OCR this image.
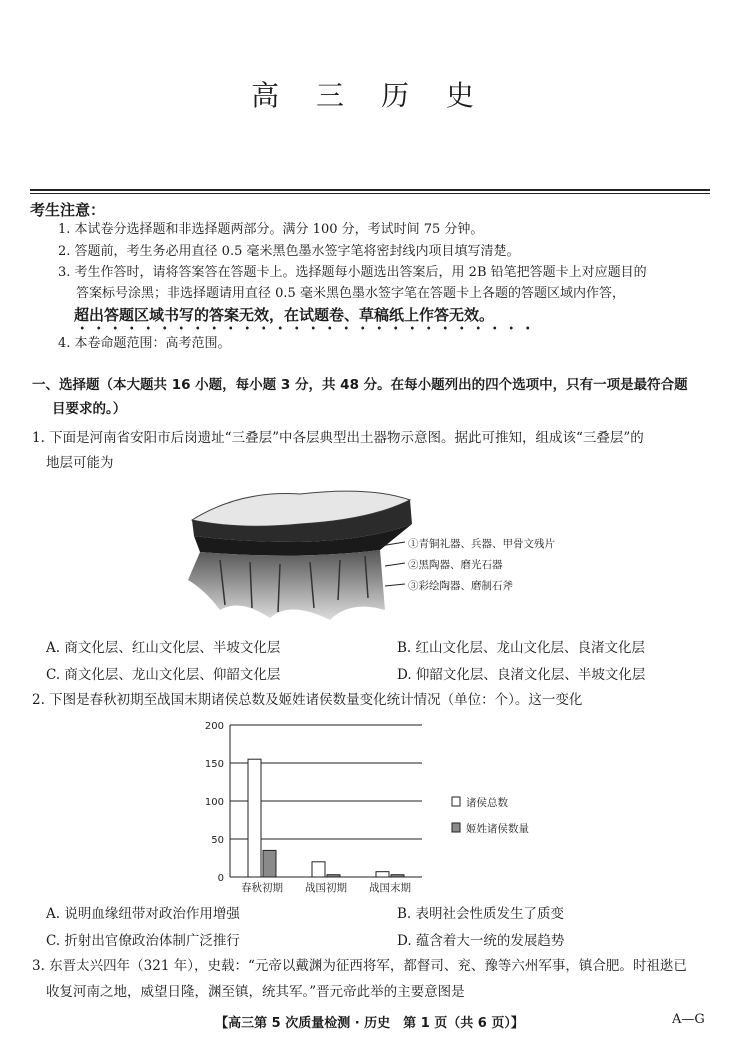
高 三 历 史
考生注意：
1. 本试卷分选择题和非选择题两部分。满分 100 分，考试时间 75 分钟。
2. 答题前，考生务必用直径 0.5 毫米黑色墨水签字笔将密封线内项目填写清楚。
3. 考生作答时，请将答案答在答题卡上。选择题每小题选出答案后，用 2B 铅笔把答题卡上对应题目的
答案标号涂黑；非选择题请用直径 0.5 毫米黑色墨水签字笔在答题卡上各题的答题区域内作答，
超出答题区域书写的答案无效，在试题卷、草稿纸上作答无效。
4. 本卷命题范围：高考范围。
一、选择题（本大题共 16 小题，每小题 3 分，共 48 分。在每小题列出的四个选项中，只有一项是最符合题
目要求的。）
1. 下面是河南省安阳市后岗遗址“三叠层”中各层典型出土器物示意图。据此可推知，组成该“三叠层”的
地层可能为
①青铜礼器、兵器、甲骨文残片
②黑陶器、磨光石器
③彩绘陶器、磨制石斧
A. 商文化层、红山文化层、半坡文化层	B. 红山文化层、龙山文化层、良渚文化层
C. 商文化层、龙山文化层、仰韶文化层	D. 仰韶文化层、良渚文化层、半坡文化层
2. 下图是春秋初期至战国末期诸侯总数及姬姓诸侯数量变化统计情况（单位：个）。这一变化
0
50
100
150
200
春秋初期 战国初期 战国末期
诸侯总数
姬姓诸侯数量
A. 说明血缘纽带对政治作用增强	B. 表明社会性质发生了质变
C. 折射出官僚政治体制广泛推行	D. 蕴含着大一统的发展趋势
3. 东晋太兴四年（321 年），史载：“元帝以戴渊为征西将军，都督司、兖、豫等六州军事，镇合肥。时祖逖已
收复河南之地，威望日隆，渊至镇，统其军。”晋元帝此举的主要意图是
【高三第 5 次质量检测 · 历史　第 1 页（共 6 页）】	A—G
